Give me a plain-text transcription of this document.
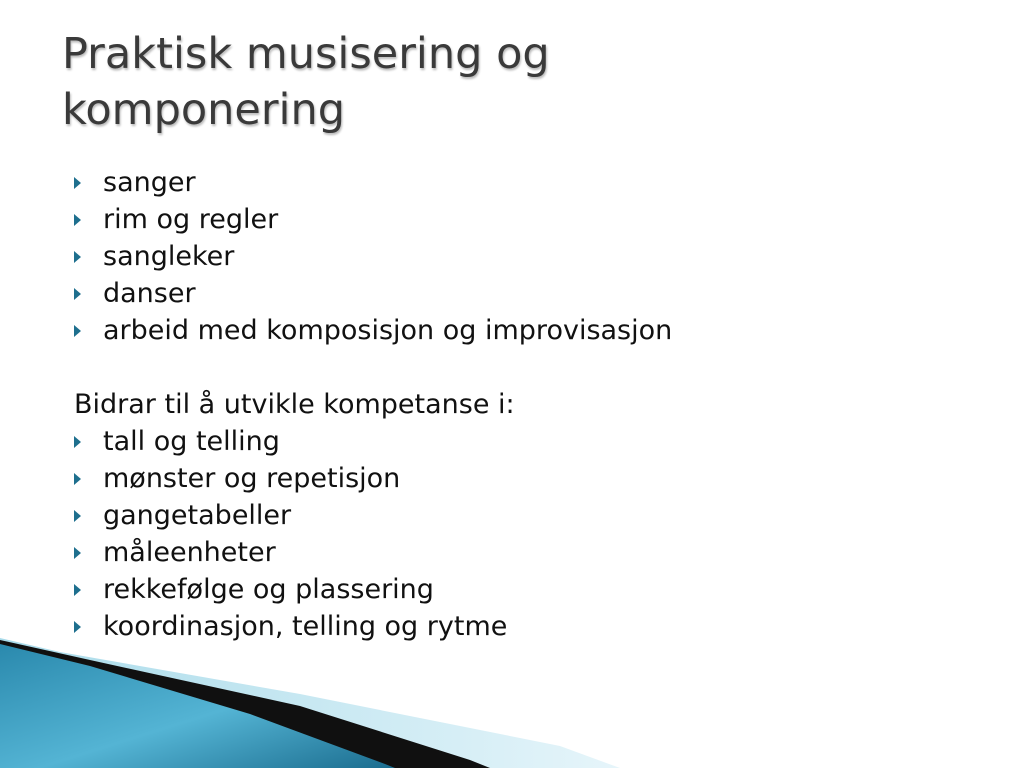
Praktisk musisering og
komponering
sanger
rim og regler
sangleker
danser
arbeid med komposisjon og improvisasjon
Bidrar til å utvikle kompetanse i:
tall og telling
mønster og repetisjon
gangetabeller
måleenheter
rekkefølge og plassering
koordinasjon, telling og rytme
